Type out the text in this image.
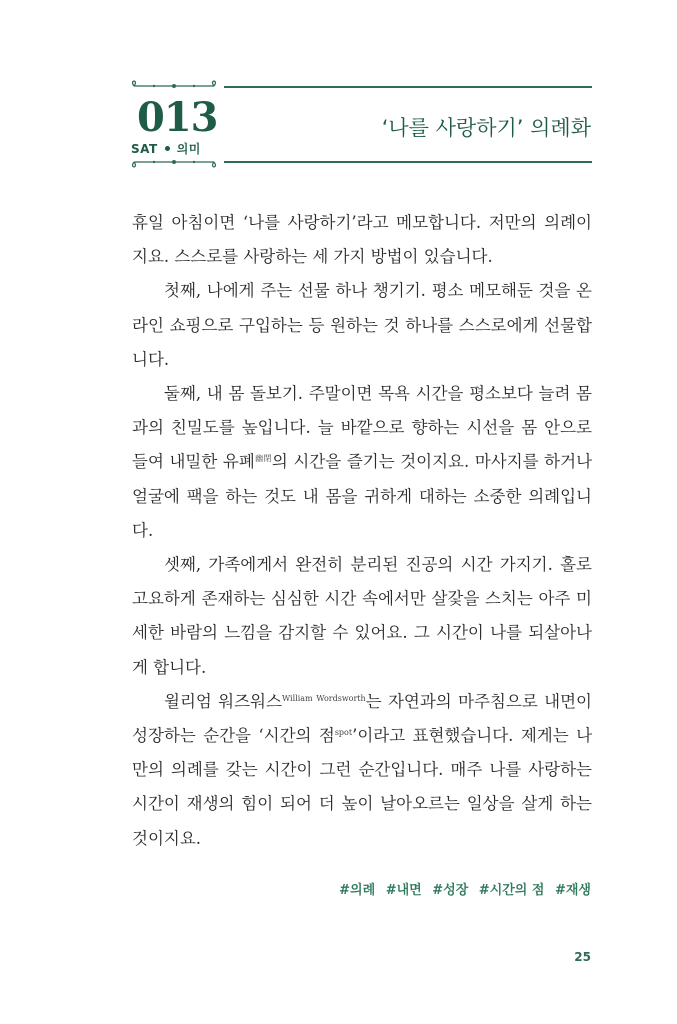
013
SAT 의미
‘나를 사랑하기’ 의례화

휴일 아침이면 ‘나를 사랑하기’라고 메모합니다. 저만의 의례이지요. 스스로를 사랑하는 세 가지 방법이 있습니다.

첫째, 나에게 주는 선물 하나 챙기기. 평소 메모해둔 것을 온라인 쇼핑으로 구입하는 등 원하는 것 하나를 스스로에게 선물합니다.

둘째, 내 몸 돌보기. 주말이면 목욕 시간을 평소보다 늘려 몸과의 친밀도를 높입니다. 늘 바깥으로 향하는 시선을 몸 안으로 들여 내밀한 유폐$^{幽閉}$의 시간을 즐기는 것이지요. 마사지를 하거나 얼굴에 팩을 하는 것도 내 몸을 귀하게 대하는 소중한 의례입니다.

셋째, 가족에게서 완전히 분리된 진공의 시간 가지기. 홀로 고요하게 존재하는 심심한 시간 속에서만 살갗을 스치는 아주 미세한 바람의 느낌을 감지할 수 있어요. 그 시간이 나를 되살아나게 합니다.

윌리엄 워즈워스$^{William Wordsworth}$는 자연과의 마주침으로 내면이 성장하는 순간을 ‘시간의 점$^{spot}$’이라고 표현했습니다. 제게는 나만의 의례를 갖는 시간이 그런 순간입니다. 매주 나를 사랑하는 시간이 재생의 힘이 되어 더 높이 날아오르는 일상을 살게 하는 것이지요.

#의례 #내면 #성장 #시간의 점 #재생
25
